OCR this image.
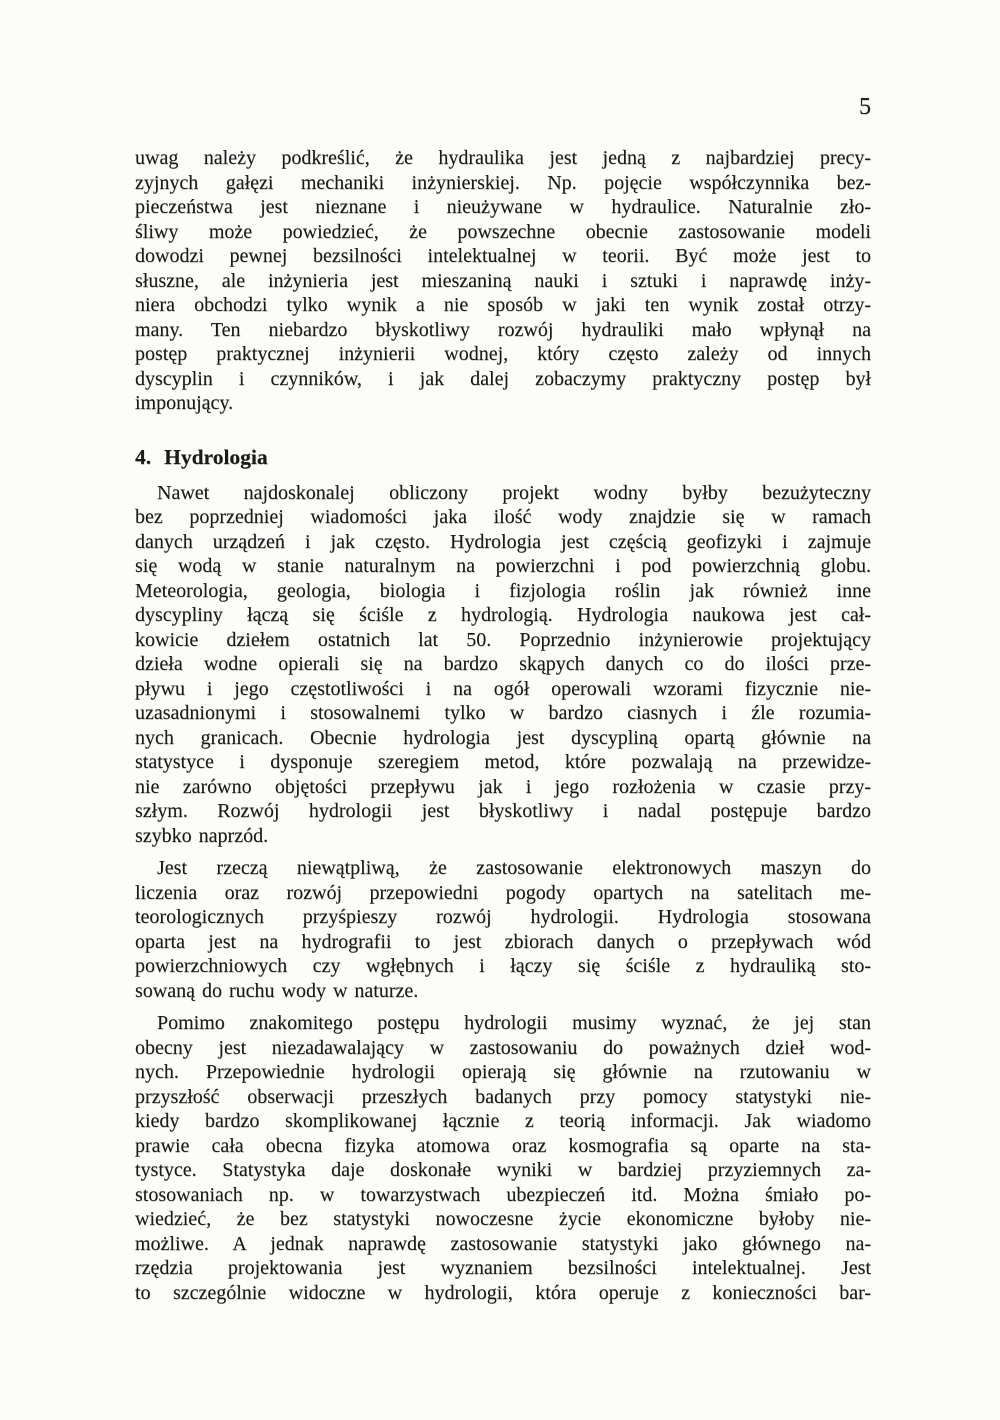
5
uwag należy podkreślić, że hydraulika jest jedną z najbardziej precy-
zyjnych gałęzi mechaniki inżynierskiej. Np. pojęcie współczynnika bez-
pieczeństwa jest nieznane i nieużywane w hydraulice. Naturalnie zło-
śliwy może powiedzieć, że powszechne obecnie zastosowanie modeli
dowodzi pewnej bezsilności intelektualnej w teorii. Być może jest to
słuszne, ale inżynieria jest mieszaniną nauki i sztuki i naprawdę inży-
niera obchodzi tylko wynik a nie sposób w jaki ten wynik został otrzy-
many. Ten niebardzo błyskotliwy rozwój hydrauliki mało wpłynął na
postęp praktycznej inżynierii wodnej, który często zależy od innych
dyscyplin i czynników, i jak dalej zobaczymy praktyczny postęp był
imponujący.
4. Hydrologia
Nawet najdoskonalej obliczony projekt wodny byłby bezużyteczny
bez poprzedniej wiadomości jaka ilość wody znajdzie się w ramach
danych urządzeń i jak często. Hydrologia jest częścią geofizyki i zajmuje
się wodą w stanie naturalnym na powierzchni i pod powierzchnią globu.
Meteorologia, geologia, biologia i fizjologia roślin jak również inne
dyscypliny łączą się ściśle z hydrologią. Hydrologia naukowa jest cał-
kowicie dziełem ostatnich lat 50. Poprzednio inżynierowie projektujący
dzieła wodne opierali się na bardzo skąpych danych co do ilości prze-
pływu i jego częstotliwości i na ogół operowali wzorami fizycznie nie-
uzasadnionymi i stosowalnemi tylko w bardzo ciasnych i źle rozumia-
nych granicach. Obecnie hydrologia jest dyscypliną opartą głównie na
statystyce i dysponuje szeregiem metod, które pozwalają na przewidze-
nie zarówno objętości przepływu jak i jego rozłożenia w czasie przy-
szłym. Rozwój hydrologii jest błyskotliwy i nadal postępuje bardzo
szybko naprzód.
Jest rzeczą niewątpliwą, że zastosowanie elektronowych maszyn do
liczenia oraz rozwój przepowiedni pogody opartych na satelitach me-
teorologicznych przyśpieszy rozwój hydrologii. Hydrologia stosowana
oparta jest na hydrografii to jest zbiorach danych o przepływach wód
powierzchniowych czy wgłębnych i łączy się ściśle z hydrauliką sto-
sowaną do ruchu wody w naturze.
Pomimo znakomitego postępu hydrologii musimy wyznać, że jej stan
obecny jest niezadawalający w zastosowaniu do poważnych dzieł wod-
nych. Przepowiednie hydrologii opierają się głównie na rzutowaniu w
przyszłość obserwacji przeszłych badanych przy pomocy statystyki nie-
kiedy bardzo skomplikowanej łącznie z teorią informacji. Jak wiadomo
prawie cała obecna fizyka atomowa oraz kosmografia są oparte na sta-
tystyce. Statystyka daje doskonałe wyniki w bardziej przyziemnych za-
stosowaniach np. w towarzystwach ubezpieczeń itd. Można śmiało po-
wiedzieć, że bez statystyki nowoczesne życie ekonomiczne byłoby nie-
możliwe. A jednak naprawdę zastosowanie statystyki jako głównego na-
rzędzia projektowania jest wyznaniem bezsilności intelektualnej. Jest
to szczególnie widoczne w hydrologii, która operuje z konieczności bar-
